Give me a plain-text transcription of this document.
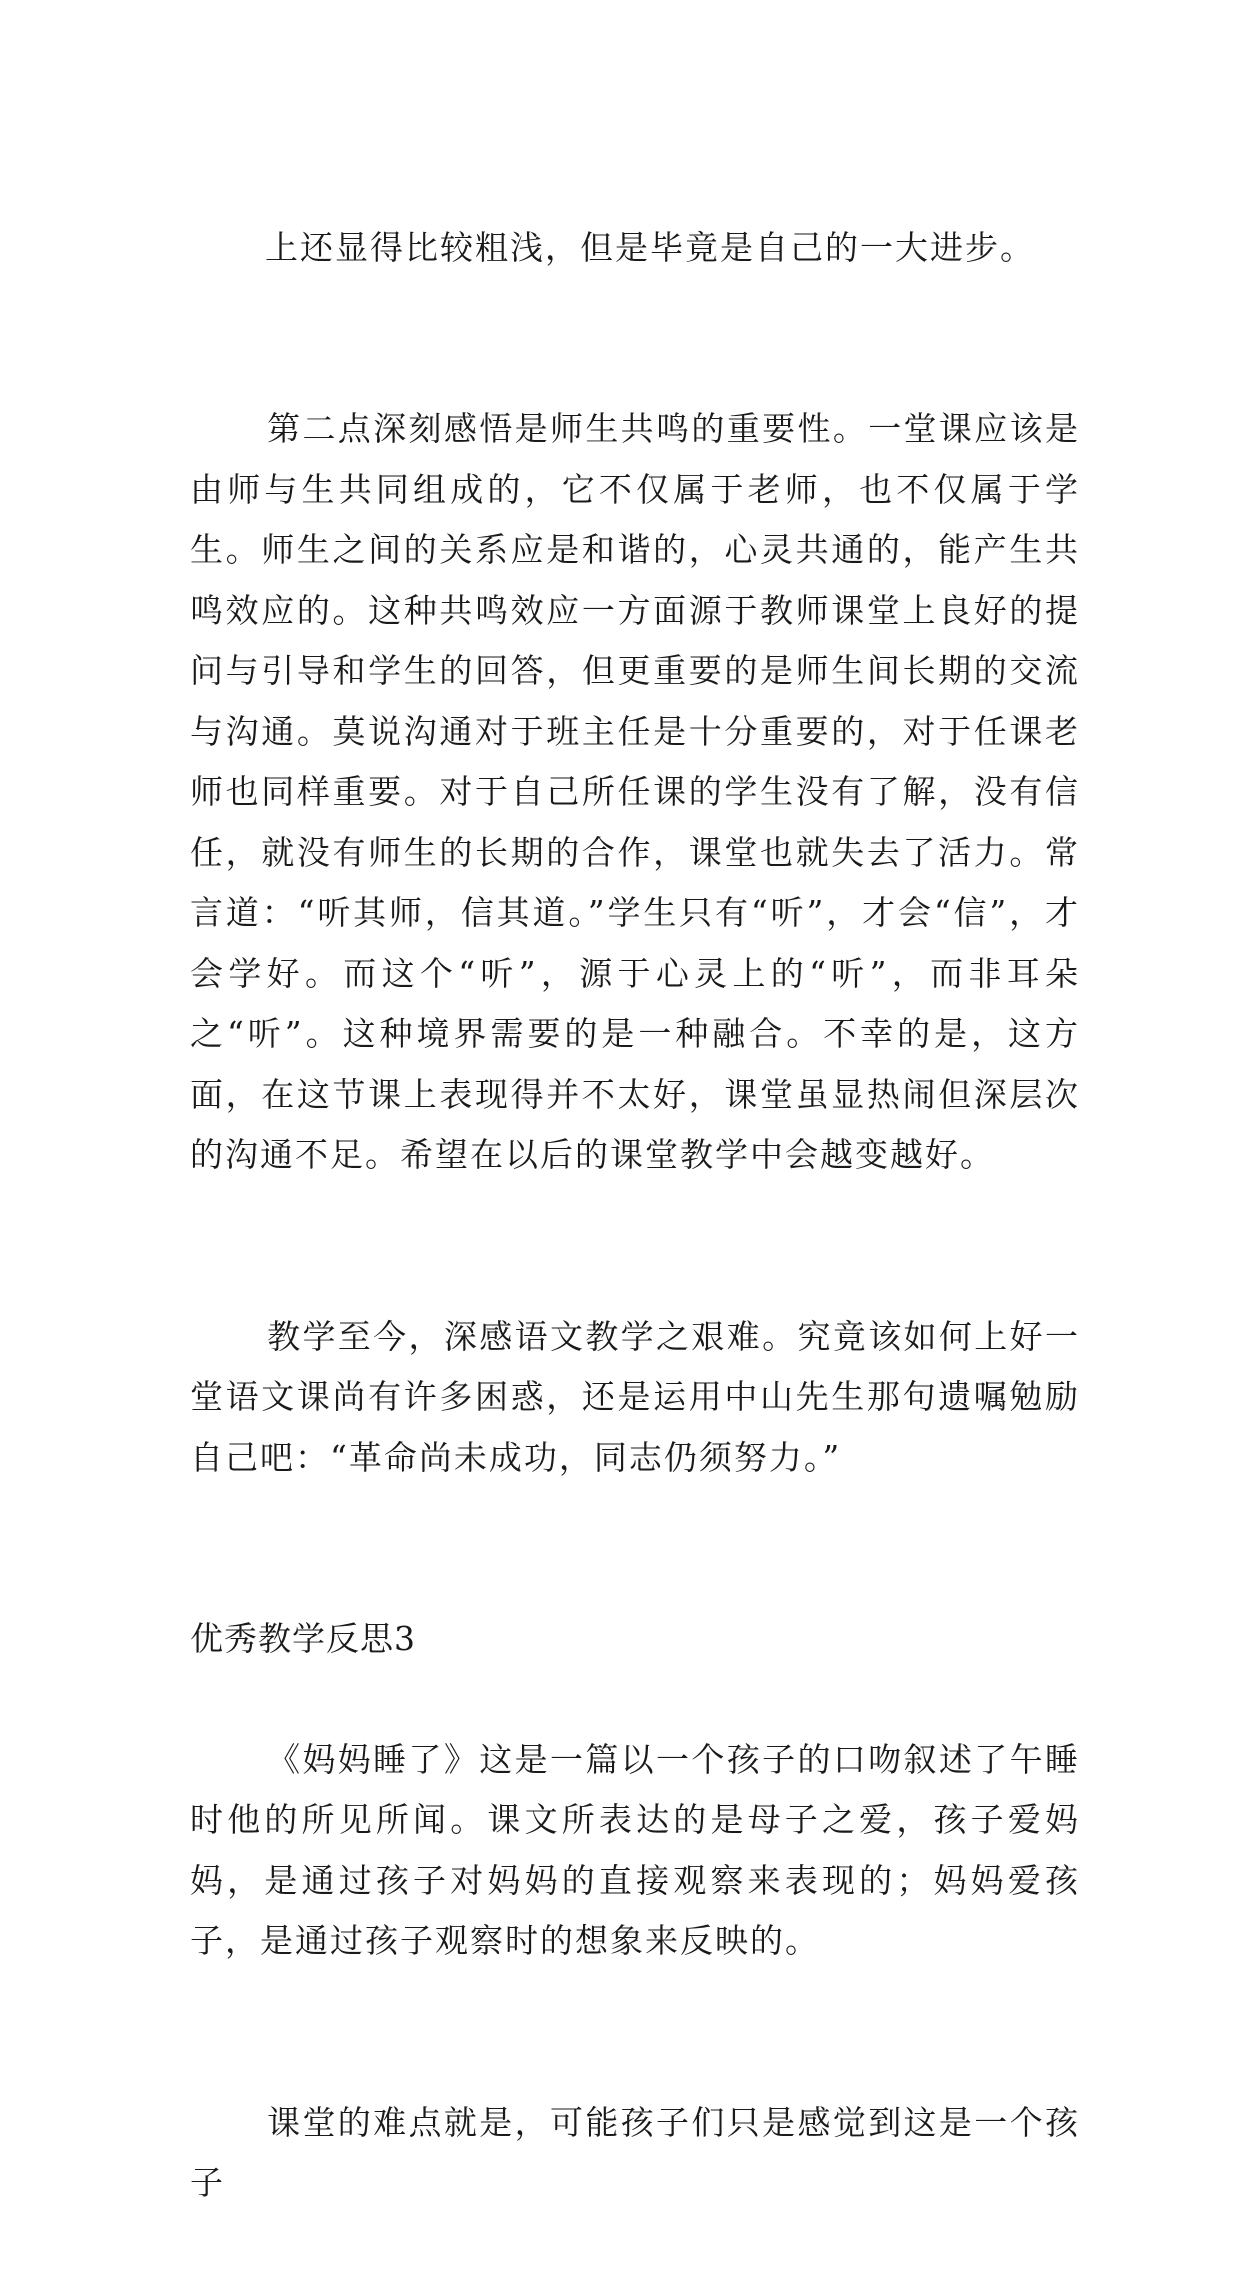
上还显得比较粗浅，但是毕竟是自己的一大进步。

第二点深刻感悟是师生共鸣的重要性。一堂课应该是由师与生共同组成的，它不仅属于老师，也不仅属于学生。师生之间的关系应是和谐的，心灵共通的，能产生共鸣效应的。这种共鸣效应一方面源于教师课堂上良好的提问与引导和学生的回答，但更重要的是师生间长期的交流与沟通。莫说沟通对于班主任是十分重要的，对于任课老师也同样重要。对于自己所任课的学生没有了解，没有信任，就没有师生的长期的合作，课堂也就失去了活力。常言道：“听其师，信其道。”学生只有“听”，才会“信”，才会学好。而这个“听”，源于心灵上的“听”，而非耳朵之“听”。这种境界需要的是一种融合。不幸的是，这方面，在这节课上表现得并不太好，课堂虽显热闹但深层次的沟通不足。希望在以后的课堂教学中会越变越好。

教学至今，深感语文教学之艰难。究竟该如何上好一堂语文课尚有许多困惑，还是运用中山先生那句遗嘱勉励自己吧：“革命尚未成功，同志仍须努力。”

优秀教学反思3

《妈妈睡了》这是一篇以一个孩子的口吻叙述了午睡时他的所见所闻。课文所表达的是母子之爱，孩子爱妈妈，是通过孩子对妈妈的直接观察来表现的；妈妈爱孩子，是通过孩子观察时的想象来反映的。

课堂的难点就是，可能孩子们只是感觉到这是一个孩子
